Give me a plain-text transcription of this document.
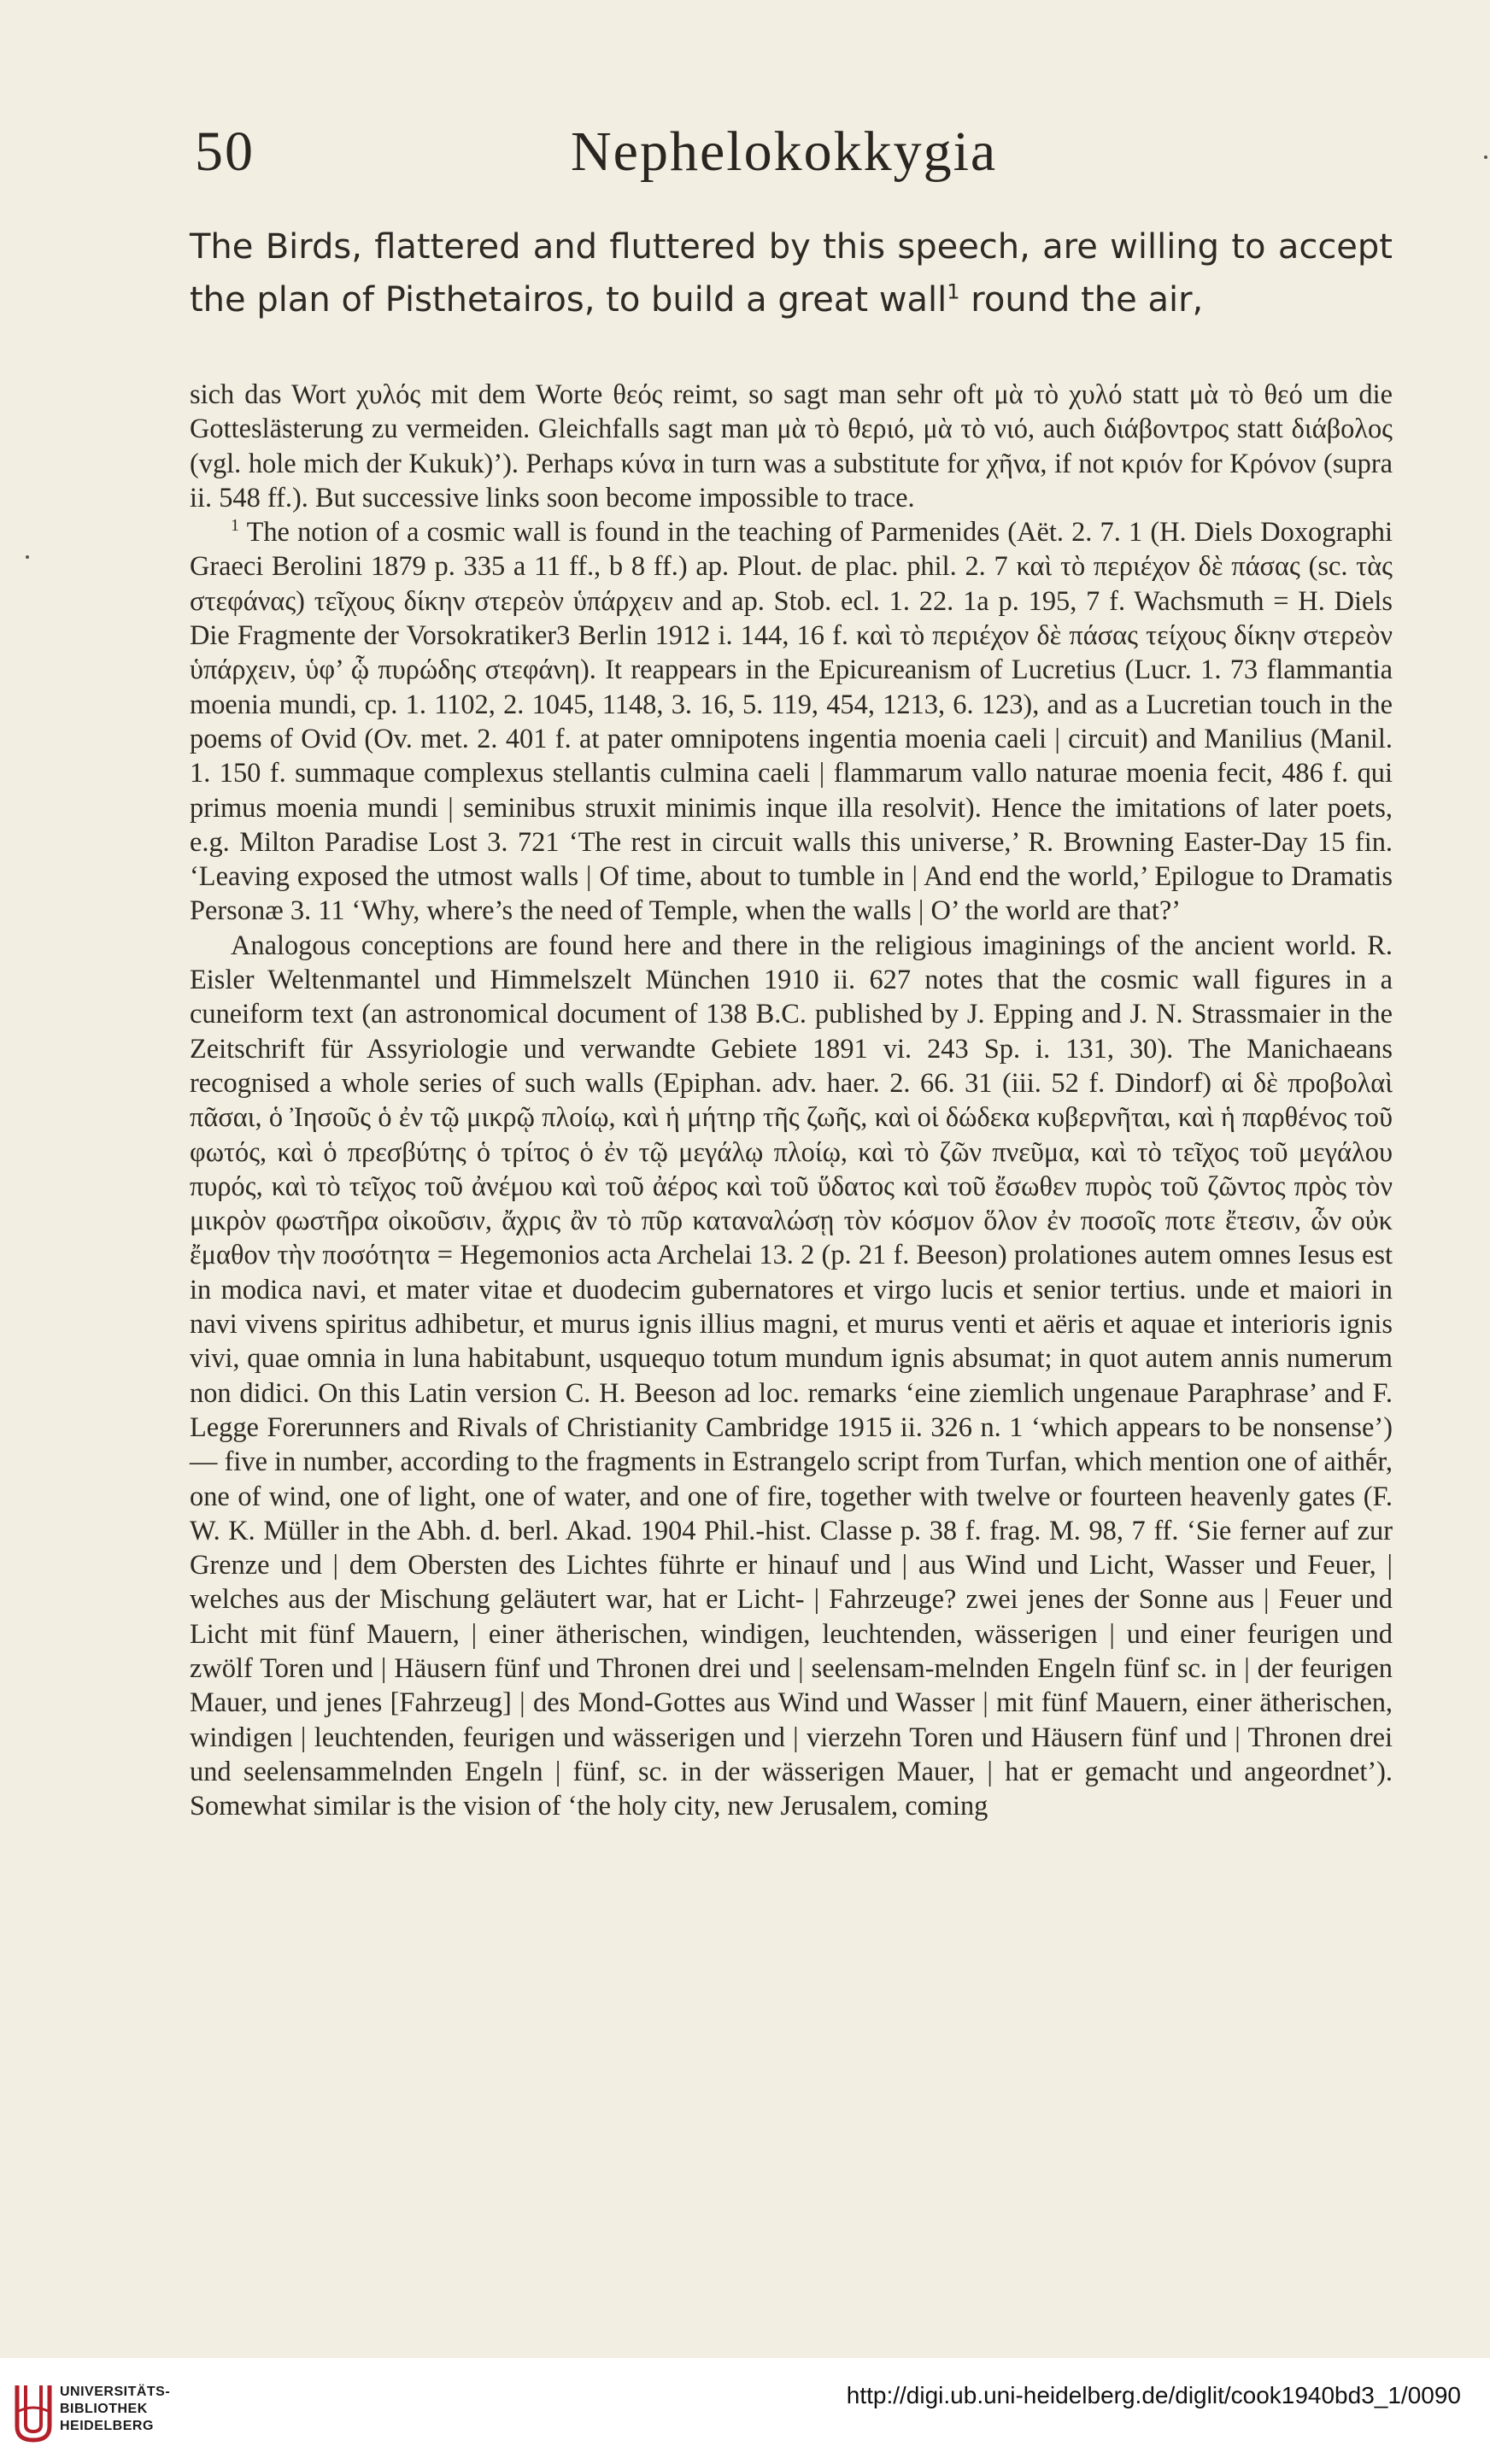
50	Nephelokokkygia
The Birds, flattered and fluttered by this speech, are willing to accept the plan of Pisthetairos, to build a great wall$^1$ round the air,

sich das Wort χυλός mit dem Worte θεός reimt, so sagt man sehr oft μὰ τὸ χυλό statt μὰ τὸ θεό um die Gotteslästerung zu vermeiden. Gleichfalls sagt man μὰ τὸ θεριό, μὰ τὸ νιό, auch διάβοντρος statt διάβολος (vgl. hole mich der Kukuk)’). Perhaps κύνα in turn was a substitute for χῆνα, if not κριόν for Κρόνον (supra ii. 548 ff.). But successive links soon become impossible to trace.

$^1$ The notion of a cosmic wall is found in the teaching of Parmenides (Aët. 2. 7. 1 (H. Diels Doxographi Graeci Berolini 1879 p. 335 a 11 ff., b 8 ff.) ap. Plout. de plac. phil. 2. 7 καὶ τὸ περιέχον δὲ πάσας (sc. τὰς στεφάνας) τεῖχους δίκην στερεὸν ὑπάρχειν and ap. Stob. ecl. 1. 22. 1a p. 195, 7 f. Wachsmuth = H. Diels Die Fragmente der Vorsokratiker3 Berlin 1912 i. 144, 16 f. καὶ τὸ περιέχον δὲ πάσας τείχους δίκην στερεὸν ὑπάρχειν, ὑφ’ ᾧ πυρώδης στεφάνη). It reappears in the Epicureanism of Lucretius (Lucr. 1. 73 flammantia moenia mundi, cp. 1. 1102, 2. 1045, 1148, 3. 16, 5. 119, 454, 1213, 6. 123), and as a Lucretian touch in the poems of Ovid (Ov. met. 2. 401 f. at pater omnipotens ingentia moenia caeli | circuit) and Manilius (Manil. 1. 150 f. summaque complexus stellantis culmina caeli | flammarum vallo naturae moenia fecit, 486 f. qui primus moenia mundi | seminibus struxit minimis inque illa resolvit). Hence the imitations of later poets, e.g. Milton Paradise Lost 3. 721 ‘The rest in circuit walls this universe,’ R. Browning Easter-Day 15 fin. ‘Leaving exposed the utmost walls | Of time, about to tumble in | And end the world,’ Epilogue to Dramatis Personæ 3. 11 ‘Why, where’s the need of Temple, when the walls | O’ the world are that?’

Analogous conceptions are found here and there in the religious imaginings of the ancient world. R. Eisler Weltenmantel und Himmelszelt München 1910 ii. 627 notes that the cosmic wall figures in a cuneiform text (an astronomical document of 138 B.C. published by J. Epping and J. N. Strassmaier in the Zeitschrift für Assyriologie und verwandte Gebiete 1891 vi. 243 Sp. i. 131, 30). The Manichaeans recognised a whole series of such walls (Epiphan. adv. haer. 2. 66. 31 (iii. 52 f. Dindorf) αἱ δὲ προβολαὶ πᾶσαι, ὁ Ἰησοῦς ὁ ἐν τῷ μικρῷ πλοίῳ, καὶ ἡ μήτηρ τῆς ζωῆς, καὶ οἱ δώδεκα κυβερνῆται, καὶ ἡ παρθένος τοῦ φωτός, καὶ ὁ πρεσβύτης ὁ τρίτος ὁ ἐν τῷ μεγάλῳ πλοίῳ, καὶ τὸ ζῶν πνεῦμα, καὶ τὸ τεῖχος τοῦ μεγάλου πυρός, καὶ τὸ τεῖχος τοῦ ἀνέμου καὶ τοῦ ἀέρος καὶ τοῦ ὕδατος καὶ τοῦ ἔσωθεν πυρὸς τοῦ ζῶντος πρὸς τὸν μικρὸν φωστῆρα οἰκοῦσιν, ἄχρις ἂν τὸ πῦρ καταναλώσῃ τὸν κόσμον ὅλον ἐν ποσοῖς ποτε ἔτεσιν, ὧν οὐκ ἔμαθον τὴν ποσότητα = Hegemonios acta Archelai 13. 2 (p. 21 f. Beeson) prolationes autem omnes Iesus est in modica navi, et mater vitae et duodecim gubernatores et virgo lucis et senior tertius. unde et maiori in navi vivens spiritus adhibetur, et murus ignis illius magni, et murus venti et aëris et aquae et interioris ignis vivi, quae omnia in luna habitabunt, usquequo totum mundum ignis absumat; in quot autem annis numerum non didici. On this Latin version C. H. Beeson ad loc. remarks ‘eine ziemlich ungenaue Paraphrase’ and F. Legge Forerunners and Rivals of Christianity Cambridge 1915 ii. 326 n. 1 ‘which appears to be nonsense’)— five in number, according to the fragments in Estrangelo script from Turfan, which mention one of aithḗr, one of wind, one of light, one of water, and one of fire, together with twelve or fourteen heavenly gates (F. W. K. Müller in the Abh. d. berl. Akad. 1904 Phil.-hist. Classe p. 38 f. frag. M. 98, 7 ff. ‘Sie ferner auf zur Grenze und | dem Obersten des Lichtes führte er hinauf und | aus Wind und Licht, Wasser und Feuer, | welches aus der Mischung geläutert war, hat er Licht- | Fahrzeuge? zwei jenes der Sonne aus | Feuer und Licht mit fünf Mauern, | einer ätherischen, windigen, leuchtenden, wässerigen | und einer feurigen und zwölf Toren und | Häusern fünf und Thronen drei und | seelensam-melnden Engeln fünf sc. in | der feurigen Mauer, und jenes [Fahrzeug] | des Mond-Gottes aus Wind und Wasser | mit fünf Mauern, einer ätherischen, windigen | leuchtenden, feurigen und wässerigen und | vierzehn Toren und Häusern fünf und | Thronen drei und seelensammelnden Engeln | fünf, sc. in der wässerigen Mauer, | hat er gemacht und angeordnet’). Somewhat similar is the vision of ‘the holy city, new Jerusalem, coming

UNIVERSITÄTS-
BIBLIOTHEK
HEIDELBERG
http://digi.ub.uni-heidelberg.de/diglit/cook1940bd3_1/0090
